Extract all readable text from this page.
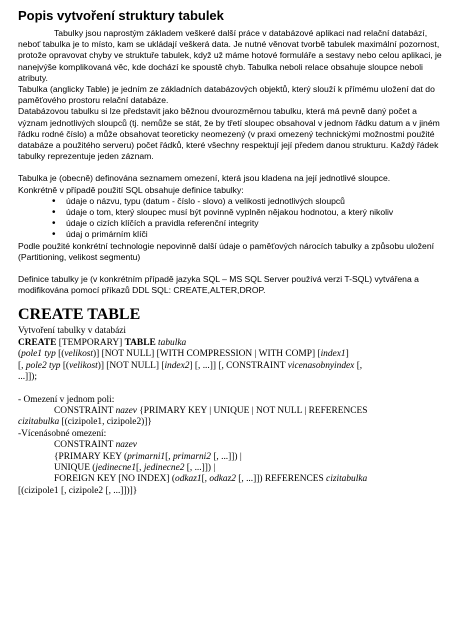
Popis vytvoření struktury tabulek

Tabulky jsou naprostým základem veškeré další práce v databázové aplikaci nad relační databází, neboť tabulka je to místo, kam se ukládají veškerá data. Je nutné věnovat tvorbě tabulek maximální pozornost, protože opravovat chyby ve struktuře tabulek, když už máme hotové formuláře a sestavy nebo celou aplikaci, je nanejvýše komplikovaná věc, kde dochází ke spoustě chyb. Tabulka neboli relace obsahuje sloupce neboli atributy.

Tabulka (anglicky Table) je jedním ze základních databázových objektů, který slouží k přímému uložení dat do paměťového prostoru relační databáze.

Databázovou tabulku si lze představit jako běžnou dvourozměrnou tabulku, která má pevně daný počet a význam jednotlivých sloupců (tj. nemůže se stát, že by třetí sloupec obsahoval v jednom řádku datum a v jiném řádku rodné číslo) a může obsahovat teoreticky neomezený (v praxi omezený technickými možnostmi použité databáze a použitého serveru) počet řádků, které všechny respektují její předem danou strukturu. Každý řádek tabulky reprezentuje jeden záznam.

Tabulka je (obecně) definována seznamem omezení, která jsou kladena na její jednotlivé sloupce.

Konkrétně v případě použití SQL obsahuje definice tabulky:

• údaje o názvu, typu (datum - číslo - slovo) a velikosti jednotlivých sloupců
• údaje o tom, který sloupec musí být povinně vyplněn nějakou hodnotou, a který nikoliv
• údaje o cizích klíčích a pravidla referenční integrity
• údaj o primárním klíči

Podle použité konkrétní technologie nepovinně další údaje o paměťových nárocích tabulky a způsobu uložení (Partitioning, velikost segmentu)

Definice tabulky je (v konkrétním případě jazyka SQL – MS SQL Server používá verzi T-SQL) vytvářena a modifikována pomocí příkazů DDL SQL: CREATE,ALTER,DROP.

CREATE TABLE
Vytvoření tabulky v databázi
CREATE [TEMPORARY] TABLE tabulka
(pole1 typ [(velikost)] [NOT NULL] [WITH COMPRESSION | WITH COMP] [index1]
[, pole2 typ [(velikost)] [NOT NULL] [index2] [, ...]] [, CONSTRAINT vicenasobnyindex [,
...]]);
- Omezení v jednom poli:
CONSTRAINT nazev {PRIMARY KEY | UNIQUE | NOT NULL | REFERENCES
cizitabulka [(cizipole1, cizipole2)]}
-Vícenásobné omezení:
CONSTRAINT nazev
{PRIMARY KEY (primarni1[, primarni2 [, ...]]) |
UNIQUE (jedinecne1[, jedinecne2 [, ...]]) |
FOREIGN KEY [NO INDEX] (odkaz1[, odkaz2 [, ...]]) REFERENCES cizitabulka
[(cizipole1 [, cizipole2 [, ...]])]}
